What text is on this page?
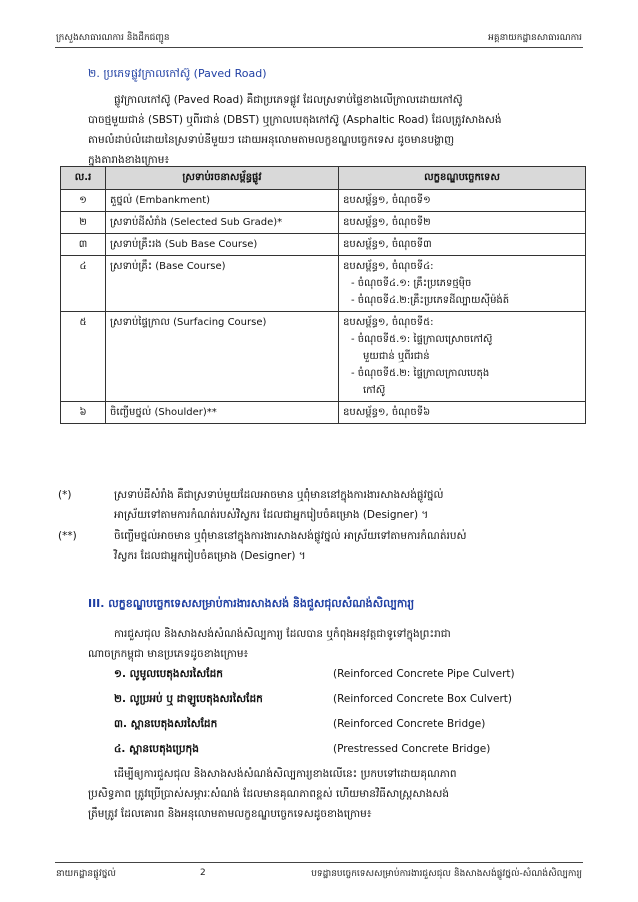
ក្រសួងសាធារណការ និងដឹកជញ្ជូន	អគ្គនាយកដ្ឋានសាធារណការ
២. ប្រភេទផ្លូវក្រាលកៅស៊ូ (Paved Road)
ផ្លូវក្រាលកៅស៊ូ (Paved Road) គឺជាប្រភេទផ្លូវ ដែលស្រទាប់ផ្ទៃខាងលើក្រាលដោយកៅស៊ូ
បាចថ្មមួយជាន់ (SBST) ឬពីរជាន់ (DBST) ឬក្រាលបេតុងកៅស៊ូ (Asphaltic Road) ដែលត្រូវសាងសង់
តាមលំដាប់លំដោយនៃស្រទាប់នីមួយៗ ដោយអនុលោមតាមលក្ខខណ្ឌបច្ចេកទេស ដូចមានបង្ហាញ
ក្នុងតារាងខាងក្រោម៖
ល.រ	ស្រទាប់រចនាសម្ព័ន្ធផ្លូវ	លក្ខខណ្ឌបច្ចេកទេស
១	តួថ្នល់ (Embankment)	ឧបសម្ព័ន្ធ១, ចំណុចទី១
២	ស្រទាប់ដីសំរាំង (Selected Sub Grade)*	ឧបសម្ព័ន្ធ១, ចំណុចទី២
៣	ស្រទាប់គ្រឹះរង (Sub Base Course)	ឧបសម្ព័ន្ធ១, ចំណុចទី៣
៤	ស្រទាប់គ្រឹះ (Base Course)	ឧបសម្ព័ន្ធ១, ចំណុចទី៤:
- ចំណុចទី៤.១: គ្រឹះប្រភេទថ្មម៉ិច
- ចំណុចទី៤.២:គ្រឹះប្រភេទដីល្បាយស៊ីម៉ង់ត៍

៥	ស្រទាប់ផ្ទៃក្រាល (Surfacing Course)	ឧបសម្ព័ន្ធ១, ចំណុចទី៥:
- ចំណុចទី៥.១: ផ្ទៃក្រាលស្រោចកៅស៊ូ
មួយជាន់ ឬពីរជាន់
- ចំណុចទី៥.២: ផ្ទៃក្រាលក្រាលបេតុង
កៅស៊ូ

៦	ចិញ្ចើមថ្នល់ (Shoulder)**	ឧបសម្ព័ន្ធ១, ចំណុចទី៦
(*)	ស្រទាប់ដីសំរាំង គឺជាស្រទាប់មួយដែលអាចមាន ឬពុំមាននៅក្នុងការងារសាងសង់ផ្លូវថ្នល់
អាស្រ័យទៅតាមការកំណត់របស់វិស្វករ ដែលជាអ្នករៀបចំគម្រោង (Designer) ។
(**)	ចិញ្ចើមថ្នល់អាចមាន ឬពុំមាននៅក្នុងការងារសាងសង់ផ្លូវថ្នល់ អាស្រ័យទៅតាមការកំណត់របស់
វិស្វករ ដែលជាអ្នករៀបចំគម្រោង (Designer) ។
III. លក្ខខណ្ឌបច្ចេកទេសសម្រាប់ការងារសាងសង់ និងជួសជុលសំណង់សិល្បការ្យ
ការជួសជុល និងសាងសង់សំណង់សិល្បការ្យ ដែលបាន ឬកំពុងអនុវត្តជាទូទៅក្នុងព្រះរាជា
ណាចក្រកម្ពុជា មានប្រភេទដូចខាងក្រោម៖
១. លូមូលបេតុងសរសៃដែក	(Reinforced Concrete Pipe Culvert)
២. លូប្រអប់ ឬ ដាឡូបេតុងសរសៃដែក	(Reinforced Concrete Box Culvert)
៣. ស្ពានបេតុងសរសៃដែក	(Reinforced Concrete Bridge)
៤. ស្ពានបេតុងប្រេកុង	(Prestressed Concrete Bridge)
ដើម្បីឲ្យការជួសជុល និងសាងសង់សំណង់សិល្បការ្យខាងលើនេះ ប្រកបទៅដោយគុណភាព
ប្រសិទ្ធភាព ត្រូវប្រើប្រាស់សម្ភារៈសំណង់ ដែលមានគុណភាពខ្ពស់ ហើយមានវិធីសាស្ត្រសាងសង់
ត្រឹមត្រូវ ដែលគោរព និងអនុលោមតាមលក្ខខណ្ឌបច្ចេកទេសដូចខាងក្រោម៖
នាយកដ្ឋានផ្លូវថ្នល់	2	បទដ្ឋានបច្ចេកទេសសម្រាប់ការងារជួសជុល និងសាងសង់ផ្លូវថ្នល់-សំណង់សិល្បការ្យ
